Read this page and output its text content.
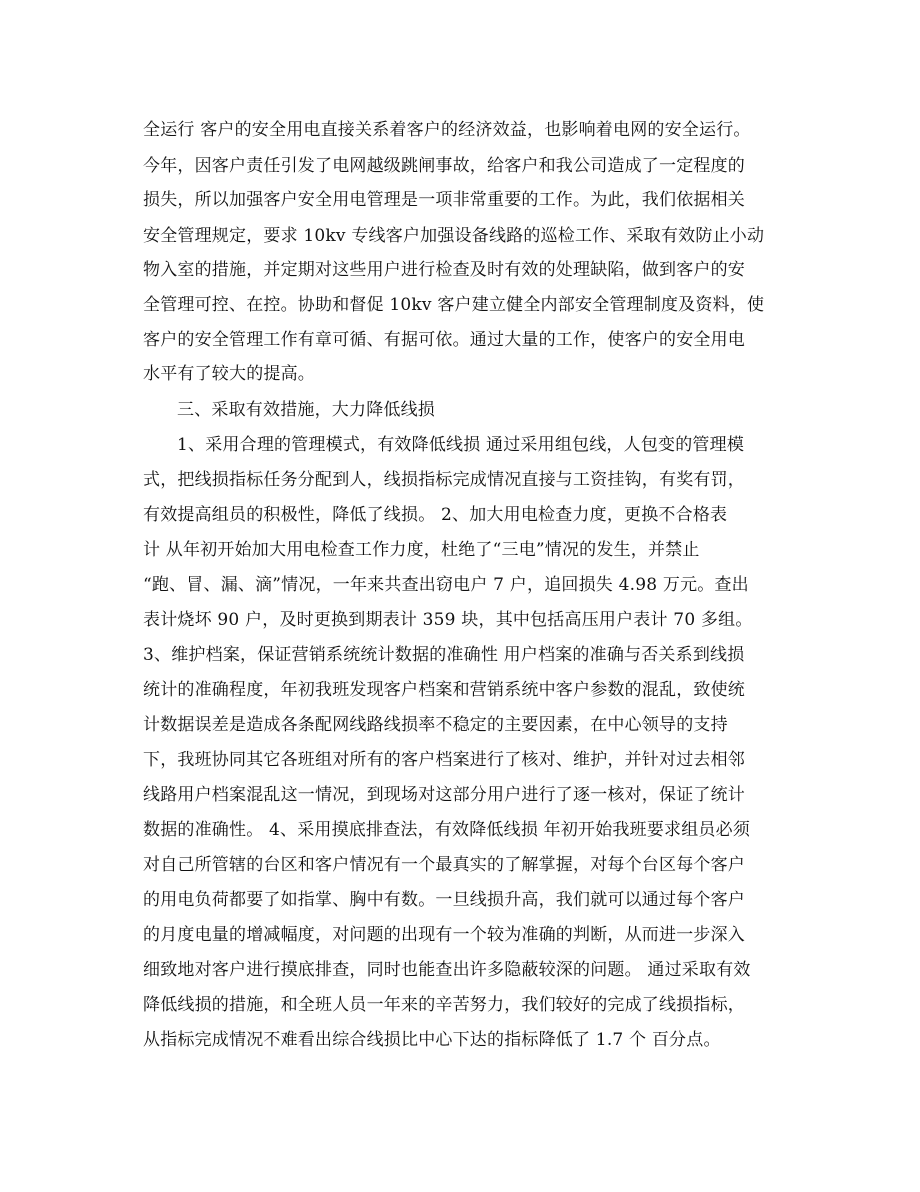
全运行 客户的安全用电直接关系着客户的经济效益，也影响着电网的安全运行。
今年，因客户责任引发了电网越级跳闸事故，给客户和我公司造成了一定程度的
损失，所以加强客户安全用电管理是一项非常重要的工作。为此，我们依据相关
安全管理规定，要求 10kv 专线客户加强设备线路的巡检工作、采取有效防止小动
物入室的措施，并定期对这些用户进行检查及时有效的处理缺陷，做到客户的安
全管理可控、在控。协助和督促 10kv 客户建立健全内部安全管理制度及资料，使
客户的安全管理工作有章可循、有据可依。通过大量的工作，使客户的安全用电
水平有了较大的提高。
三、采取有效措施，大力降低线损
1、采用合理的管理模式，有效降低线损 通过采用组包线，人包变的管理模
式，把线损指标任务分配到人，线损指标完成情况直接与工资挂钩，有奖有罚，
有效提高组员的积极性，降低了线损。 2、加大用电检查力度，更换不合格表
计 从年初开始加大用电检查工作力度，杜绝了“三电”情况的发生，并禁止
“跑、冒、漏、滴”情况，一年来共查出窃电户 7 户，追回损失 4.98 万元。查出
表计烧坏 90 户，及时更换到期表计 359 块，其中包括高压用户表计 70 多组。
3、维护档案，保证营销系统统计数据的准确性 用户档案的准确与否关系到线损
统计的准确程度，年初我班发现客户档案和营销系统中客户参数的混乱，致使统
计数据误差是造成各条配网线路线损率不稳定的主要因素，在中心领导的支持
下，我班协同其它各班组对所有的客户档案进行了核对、维护，并针对过去相邻
线路用户档案混乱这一情况，到现场对这部分用户进行了逐一核对，保证了统计
数据的准确性。 4、采用摸底排查法，有效降低线损 年初开始我班要求组员必须
对自己所管辖的台区和客户情况有一个最真实的了解掌握，对每个台区每个客户
的用电负荷都要了如指掌、胸中有数。一旦线损升高，我们就可以通过每个客户
的月度电量的增减幅度，对问题的出现有一个较为准确的判断，从而进一步深入
细致地对客户进行摸底排查，同时也能查出许多隐蔽较深的问题。 通过采取有效
降低线损的措施，和全班人员一年来的辛苦努力，我们较好的完成了线损指标，
从指标完成情况不难看出综合线损比中心下达的指标降低了 1.7 个 百分点。
